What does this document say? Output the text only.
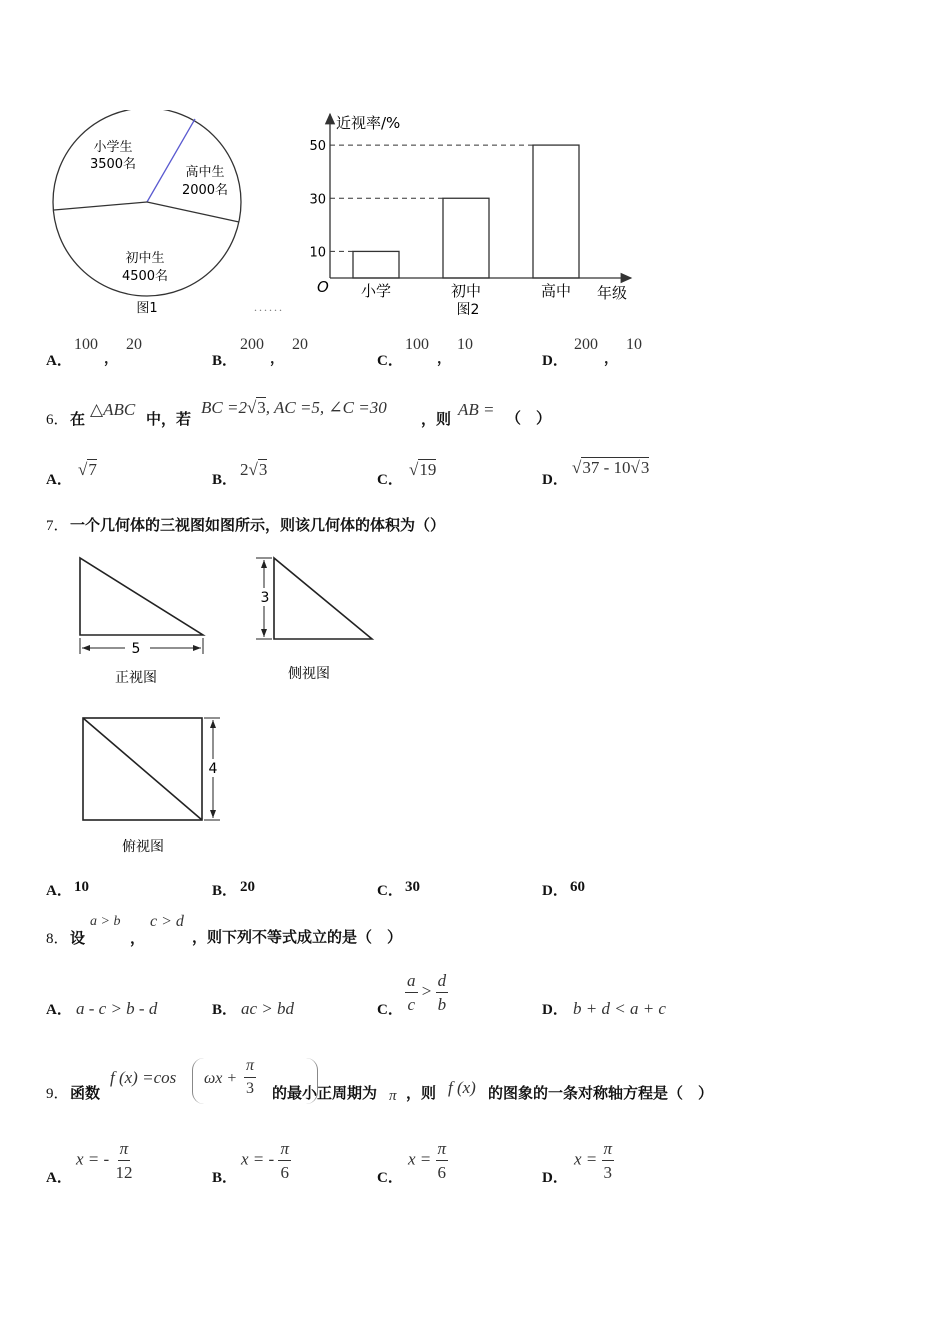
小学生
3500名
高中生
2000名
初中生
4500名
图1	......
近视率/%
O	年级
图2
10
30
50
小学	初中	高中
A．
100
，
20
B．
200
，
20
C．
100
，
10
D．
200
，
10
6． 在 △ABC 中，若
BC =2√3, AC =5, ∠C =30
，则 AB = （　）
A．
√7
B．
2√3
C．
√19
D．
√37 - 10√3
7． 一个几何体的三视图如图所示，则该几何体的体积为（）
5
正视图
3
侧视图
4
俯视图
A． 10	B． 20	C． 30	D． 60
8． 设
a > b
，
c > d
，则下列不等式成立的是（　）
A． a - c > b - d	B． ac > bd	C． $\frac{a}{c} > \frac{d}{b}$	D． b + d < a + c
9． 函数
f (x) =cos $\omega x + \frac{\pi}{3}$ 的最小正周期为 π ，则 f (x) 的图象的一条对称轴方程是（　）
A．
x = - $\frac{\pi}{12}$	B．
x = - $\frac{\pi}{6}$	C．
$x = \frac{\pi}{6}$	D．
$x = \frac{\pi}{3}$
